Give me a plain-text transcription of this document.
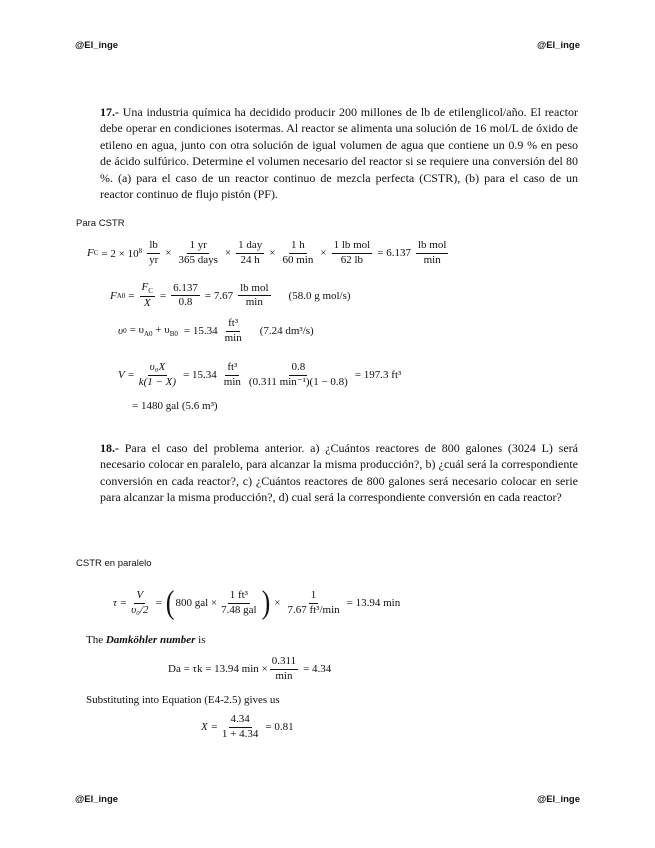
@El_inge	@El_inge
17.- Una industria química ha decidido producir 200 millones de lb de etilenglicol/año. El reactor debe operar en condiciones isotermas. Al reactor se alimenta una solución de 16 mol/L de óxido de etileno en agua, junto con otra solución de igual volumen de agua que contiene un 0.9 % en peso de ácido sulfúrico. Determine el volumen necesario del reactor si se requiere una conversión del 80 %. (a) para el caso de un reactor continuo de mezcla perfecta (CSTR), (b) para el caso de un reactor continuo de flujo pistón (PF).
Para CSTR
F $C = 2 \times 10^8 \frac{lb}{yr} \times \frac{1 yr}{\text{365 days}} \times \frac{\text{1 day}}{24 h} \times \frac{1 h}{60 \min} \times \frac{\text{1 lb mol}}{62 lb} = 6.137 \frac{\text{lb mol}}{\min}$
F $A0 = \frac{F_C}{X} = \frac{6.137}{0.8} = 7.67 \frac{\text{lb mol}}{\min} (58.0$ g mol/s)
υ $0 = \upsilon_{A0} + \upsilon_{B0} = 15.34 \frac{\text{ft³}}{\min} (7.24$ dm³/s)
$V = \frac{\text{υ₀X}}{k(1 - X)} = 15.34 \frac{\text{ft³}}{\min} \frac{0.8}{\text{(0.311 min⁻¹)(1 − 0.8)}} = 197.3$ ft³
= 1480 gal (5.6 m³)
18.- Para el caso del problema anterior. a) ¿Cuántos reactores de 800 galones (3024 L) será necesario colocar en paralelo, para alcanzar la misma producción?, b) ¿cuál será la correspondiente conversión en cada reactor?, c) ¿Cuántos reactores de 800 galones será necesario colocar en serie para alcanzar la misma producción?, d) cual será la correspondiente conversión en cada reactor?
CSTR en paralelo
$\tau = \frac{V}{\text{υ₀/2}}$ = ( 800 gal × $\frac{\text{1 ft³}}{\text{7.48 gal}}$ ) × $\frac{1}{\text{7.67 ft³/min}} = 13.94$ min
The Damköhler number is
Da = τk = 13.94 $\min \times \frac{0.311}{\min} = 4.34$
Substituting into Equation (E4-2.5) gives us
$X = \frac{4.34}{1 + 4.34} = 0.81$
@El_inge	@El_inge
